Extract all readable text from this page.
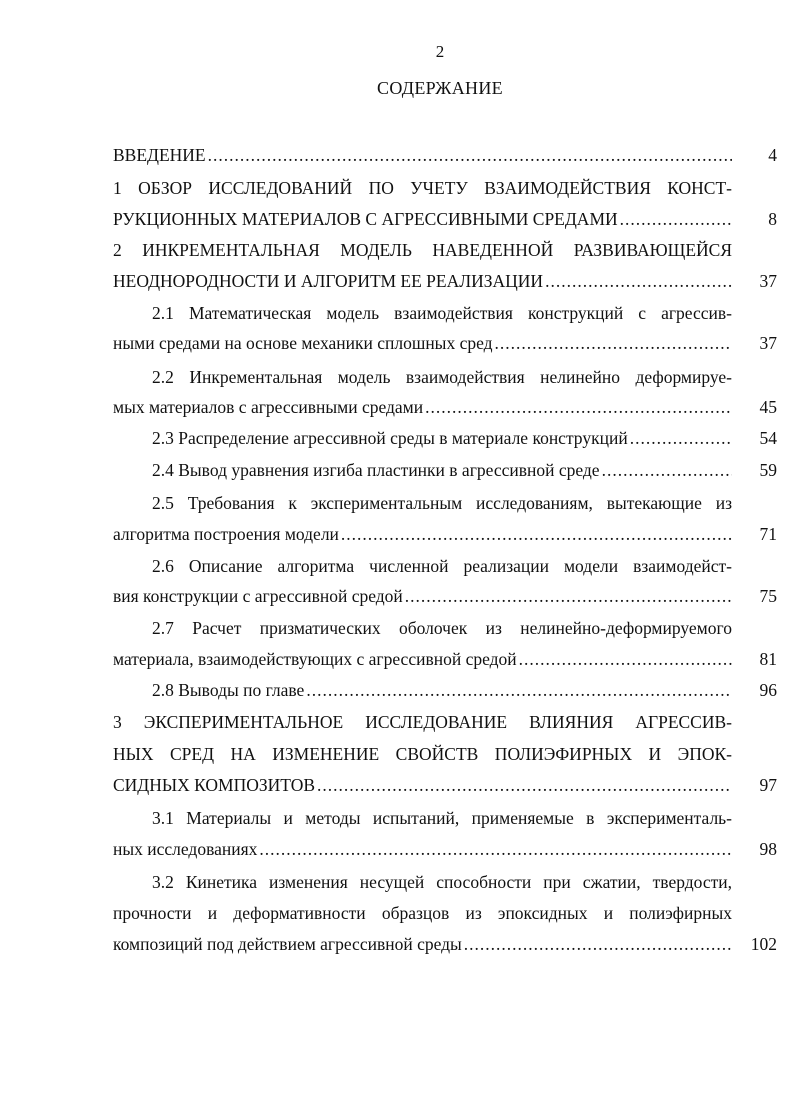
2
СОДЕРЖАНИЕ
ВВЕДЕНИЕ .....	4
1 ОБЗОР ИССЛЕДОВАНИЙ ПО УЧЕТУ ВЗАИМОДЕЙСТВИЯ КОНСТ-
РУКЦИОННЫХ МАТЕРИАЛОВ С АГРЕССИВНЫМИ СРЕДАМИ .....	8
2 ИНКРЕМЕНТАЛЬНАЯ МОДЕЛЬ НАВЕДЕННОЙ РАЗВИВАЮЩЕЙСЯ
НЕОДНОРОДНОСТИ И АЛГОРИТМ ЕЕ РЕАЛИЗАЦИИ .....	37
2.1 Математическая модель взаимодействия конструкций с агрессив-
ными средами на основе механики сплошных сред .....	37
2.2 Инкрементальная модель взаимодействия нелинейно деформируе-
мых материалов с агрессивными средами .....	45
2.3 Распределение агрессивной среды в материале конструкций .....	54
2.4 Вывод уравнения изгиба пластинки в агрессивной среде .....	59
2.5 Требования к экспериментальным исследованиям, вытекающие из
алгоритма построения модели .....	71
2.6 Описание алгоритма численной реализации модели взаимодейст-
вия конструкции с агрессивной средой .....	75
2.7 Расчет призматических оболочек из нелинейно-деформируемого
материала, взаимодействующих с агрессивной средой .....	81
2.8 Выводы по главе .....	96
3 ЭКСПЕРИМЕНТАЛЬНОЕ ИССЛЕДОВАНИЕ ВЛИЯНИЯ АГРЕССИВ-
НЫХ СРЕД НА ИЗМЕНЕНИЕ СВОЙСТВ ПОЛИЭФИРНЫХ И ЭПОК-
СИДНЫХ КОМПОЗИТОВ .....	97
3.1 Материалы и методы испытаний, применяемые в эксперименталь-
ных исследованиях .....	98
3.2 Кинетика изменения несущей способности при сжатии, твердости,
прочности и деформативности образцов из эпоксидных и полиэфирных
композиций под действием агрессивной среды .....	102
